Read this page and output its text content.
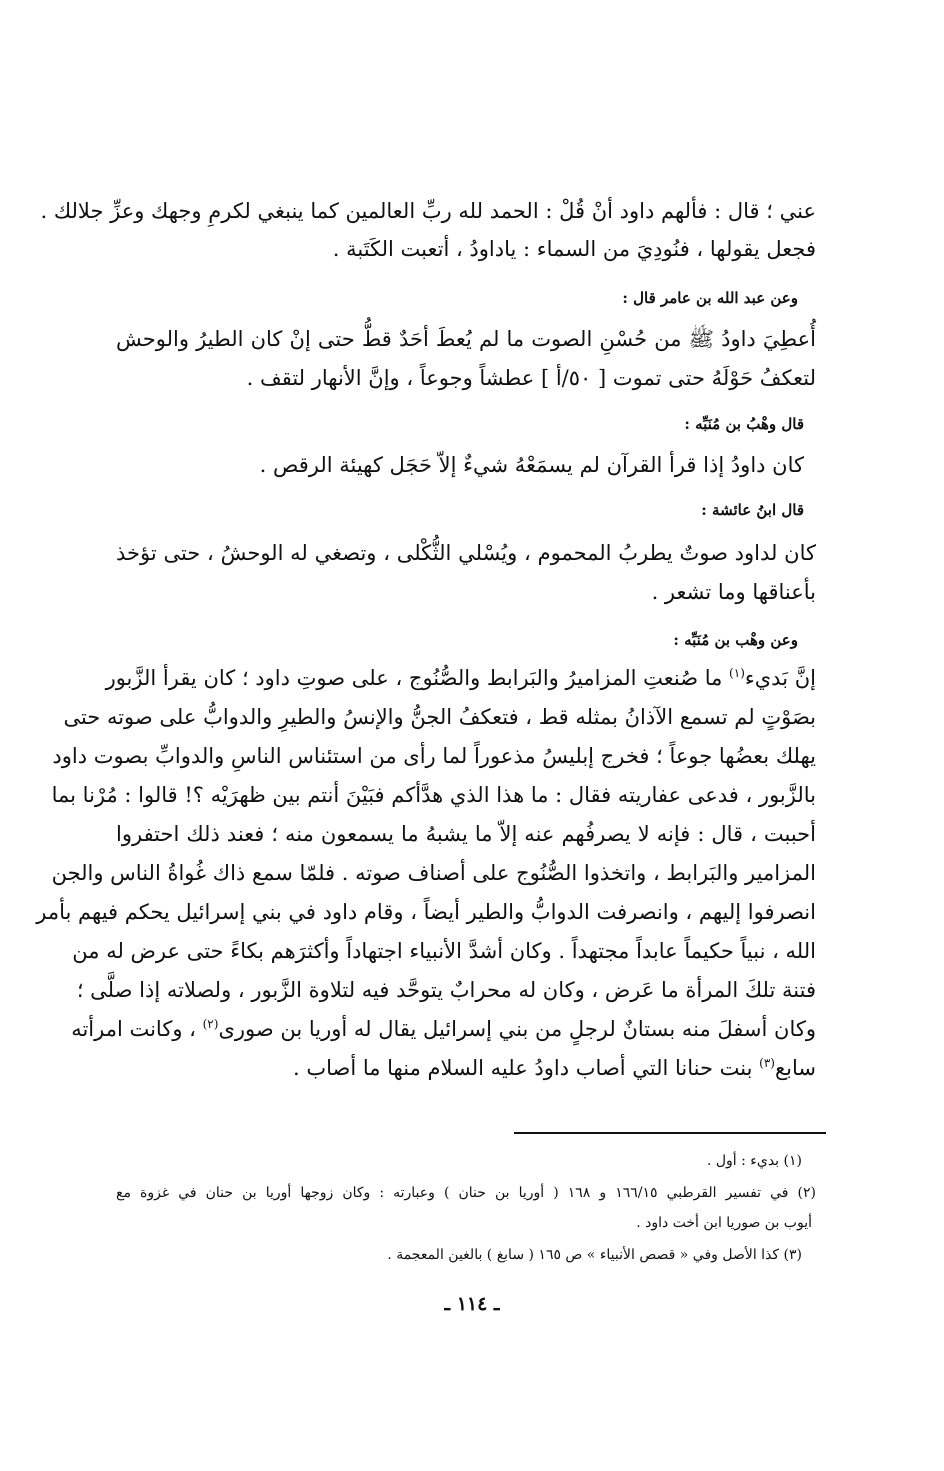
عني ؛ قال : فألهم داود أنْ قُلْ : الحمد لله ربِّ العالمين كما ينبغي لكرمِ وجهك وعزِّ جلالك .

فجعل يقولها ، فنُودِيَ من السماء : ياداودُ ، أتعبت الكَتَبة .

وعن عبد الله بن عامر قال :

أُعطِيَ داودُ ﷺ من حُسْنِ الصوت ما لم يُعطَ أحَدٌ قطُّ حتى إنْ كان الطيرُ والوحش

لتعكفُ حَوْلَهُ حتى تموت [ ٥٠/أ ] عطشاً وجوعاً ، وإنَّ الأنهار لتقف .

قال وهْبُ بن مُنَبِّه :

كان داودُ إذا قرأ القرآن لم يسمَعْهُ شيءٌ إلاّ حَجَل كهيئة الرقص .

قال ابنُ عائشة :

كان لداود صوتٌ يطربُ المحموم ، ويُسْلي الثُّكْلى ، وتصغي له الوحشُ ، حتى تؤخذ

بأعناقها وما تشعر .

وعن وهْب بن مُنَبِّه :

إنَّ بَديء$^{(١)}$ ما صُنعتِ المزاميرُ والبَرابط والصُّنُوج ، على صوتِ داود ؛ كان يقرأ الزَّبور

بصَوْتٍ لم تسمع الآذانُ بمثله قط ، فتعكفُ الجنُّ والإنسُ والطيرِ والدوابُّ على صوته حتى

يهلك بعضُها جوعاً ؛ فخرج إبليسُ مذعوراً لما رأى من استئناس الناسِ والدوابِّ بصوت داود

بالزَّبور ، فدعى عفاريته فقال : ما هذا الذي هدَّأكم فبَيْنَ أنتم بين ظهرَيْه ؟! قالوا : مُرْنا بما

أحببت ، قال : فإنه لا يصرفُهم عنه إلاّ ما يشبهُ ما يسمعون منه ؛ فعند ذلك احتفروا

المزامير والبَرابط ، واتخذوا الصُّنُوج على أصناف صوته . فلمّا سمع ذاك غُواةُ الناس والجن

انصرفوا إليهم ، وانصرفت الدوابُّ والطير أيضاً ، وقام داود في بني إسرائيل يحكم فيهم بأمر

الله ، نبياً حكيماً عابداً مجتهداً . وكان أشدَّ الأنبياء اجتهاداً وأكثرَهم بكاءً حتى عرض له من

فتنة تلكَ المرأة ما عَرض ، وكان له محرابٌ يتوحَّد فيه لتلاوة الزَّبور ، ولصلاته إذا صلَّى ؛

وكان أسفلَ منه بستانٌ لرجلٍ من بني إسرائيل يقال له أوريا بن صورى$^{(٢)}$ ، وكانت امرأته

سابع$^{(٣)}$ بنت حنانا التي أصاب داودُ عليه السلام منها ما أصاب .

(١) بديء : أول .

(٢) في تفسير القرطبي ١٦٦/١٥ و ١٦٨ ( أوريا بن حنان ) وعبارته : وكان زوجها أوريا بن حنان في غزوة مع

أيوب بن صوريا ابن أخت داود .

(٣) كذا الأصل وفي « قصص الأنبياء » ص ١٦٥ ( سابغ ) بالغين المعجمة .

ـ ١١٤ ـ
